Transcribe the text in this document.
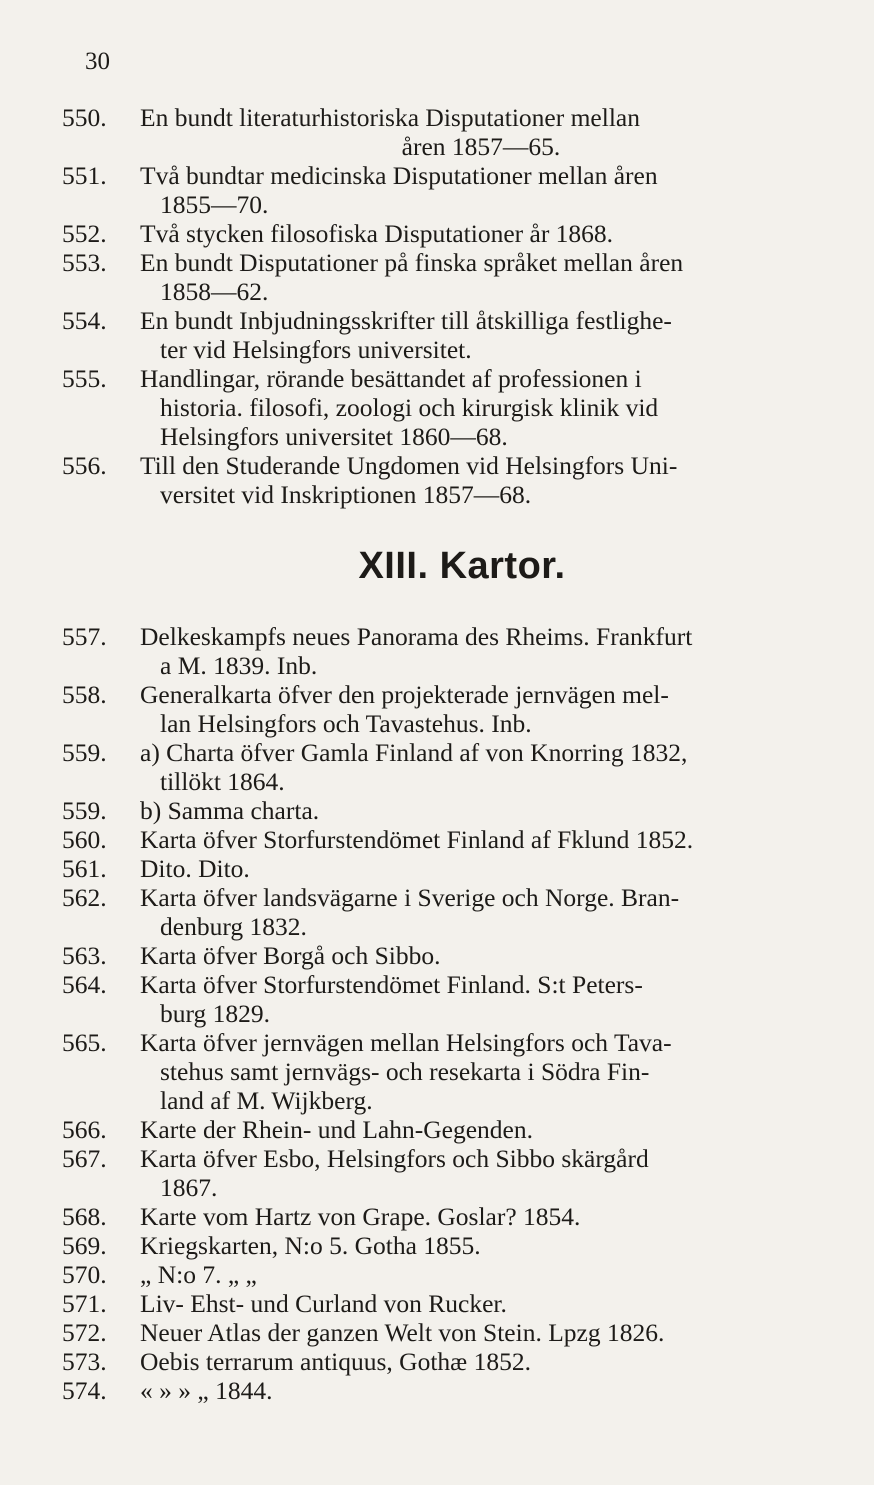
30
550.	En bundt literaturhistoriska Disputationer mellan
åren 1857—65.
551.	Två bundtar medicinska Disputationer mellan åren
1855—70.
552.	Två stycken filosofiska Disputationer år 1868.
553.	En bundt Disputationer på finska språket mellan åren
1858—62.
554.	En bundt Inbjudningsskrifter till åtskilliga festlighe-
ter vid Helsingfors universitet.
555.	Handlingar, rörande besättandet af professionen i
historia. filosofi, zoologi och kirurgisk klinik vid
Helsingfors universitet 1860—68.
556.	Till den Studerande Ungdomen vid Helsingfors Uni-
versitet vid Inskriptionen 1857—68.
XIII. Kartor.
557.	Delkeskampfs neues Panorama des Rheims. Frankfurt
a M. 1839. Inb.
558.	Generalkarta öfver den projekterade jernvägen mel-
lan Helsingfors och Tavastehus. Inb.
559.	a) Charta öfver Gamla Finland af von Knorring 1832,
tillökt 1864.
559.	b) Samma charta.
560.	Karta öfver Storfurstendömet Finland af Fklund 1852.
561.	Dito. Dito.
562.	Karta öfver landsvägarne i Sverige och Norge. Bran-
denburg 1832.
563.	Karta öfver Borgå och Sibbo.
564.	Karta öfver Storfurstendömet Finland. S:t Peters-
burg 1829.
565.	Karta öfver jernvägen mellan Helsingfors och Tava-
stehus samt jernvägs- och resekarta i Södra Fin-
land af M. Wijkberg.
566.	Karte der Rhein- und Lahn-Gegenden.
567.	Karta öfver Esbo, Helsingfors och Sibbo skärgård
1867.
568.	Karte vom Hartz von Grape. Goslar? 1854.
569.	Kriegskarten, N:o 5. Gotha 1855.
570.	„ N:o 7. „ „
571.	Liv- Ehst- und Curland von Rucker.
572.	Neuer Atlas der ganzen Welt von Stein. Lpzg 1826.
573.	Oebis terrarum antiquus, Gothæ 1852.
574.	« » » „ 1844.
